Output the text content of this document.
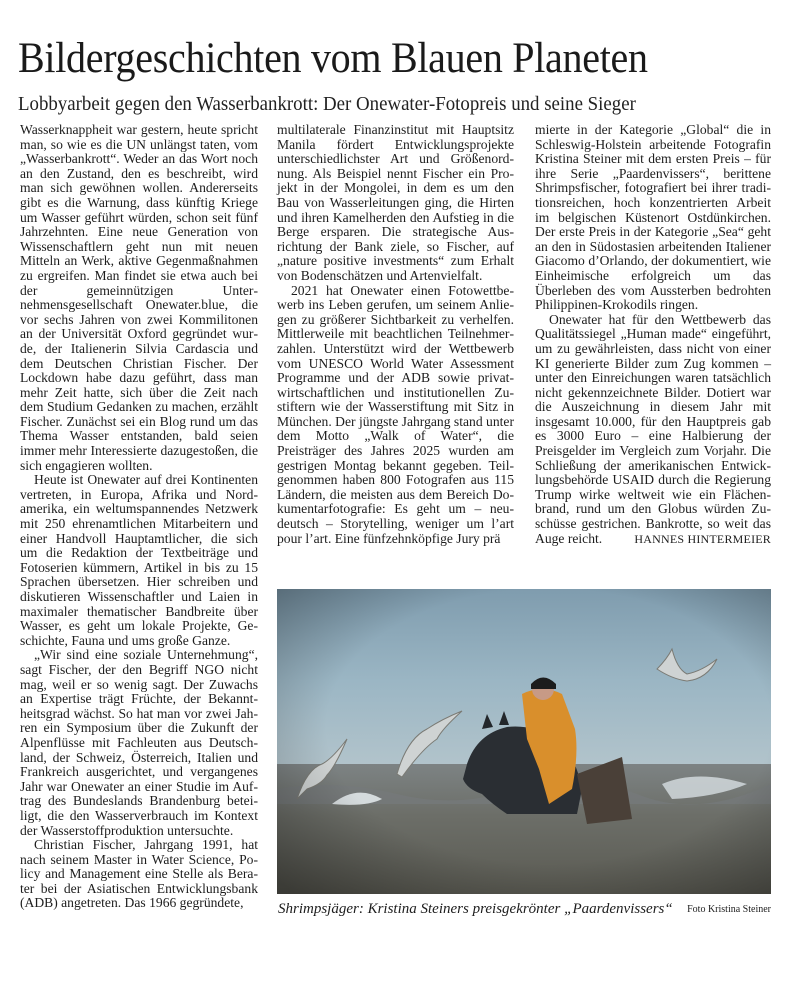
Bildergeschichten vom Blauen Planeten
Lobbyarbeit gegen den Wasserbankrott: Der Onewater-Fotopreis und seine Sieger

Wasserknappheit war gestern, heute spricht man, so wie es die UN unlängst taten, vom „Wasserbankrott“. Weder an das Wort noch an den Zustand, den es beschreibt, wird man sich gewöhnen wollen. Andererseits gibt es die Warnung, dass künftig Kriege um Wasser geführt würden, schon seit fünf Jahrzehnten. Eine neue Generation von Wissenschaftlern geht nun mit neuen Mitteln an Werk, aktive Gegenmaßnahmen zu ergreifen. Man findet sie etwa auch bei der gemeinnützigen Unternehmensgesellschaft Onewater.blue, die vor sechs Jahren von zwei Kommilitonen an der Universität Oxford gegründet wurde, der Italienerin Silvia Cardascia und dem Deutschen Christian Fischer. Der Lockdown habe dazu geführt, dass man mehr Zeit hatte, sich über die Zeit nach dem Studium Gedanken zu machen, erzählt Fischer. Zunächst sei ein Blog rund um das Thema Wasser entstanden, bald seien immer mehr Interessierte dazugestoßen, die sich engagieren wollten.

Heute ist Onewater auf drei Kontinenten vertreten, in Europa, Afrika und Nordamerika, ein weltumspannendes Netzwerk mit 250 ehrenamtlichen Mitarbeitern und einer Handvoll Hauptamtlicher, die sich um die Redaktion der Textbeiträge und Fotoserien kümmern, Artikel in bis zu 15 Sprachen übersetzen. Hier schreiben und diskutieren Wissenschaftler und Laien in maximaler thematischer Bandbreite über Wasser, es geht um lokale Projekte, Geschichte, Fauna und ums große Ganze.

„Wir sind eine soziale Unternehmung“, sagt Fischer, der den Begriff NGO nicht mag, weil er so wenig sagt. Der Zuwachs an Expertise trägt Früchte, der Bekanntheitsgrad wächst. So hat man vor zwei Jahren ein Symposium über die Zukunft der Alpenflüsse mit Fachleuten aus Deutschland, der Schweiz, Österreich, Italien und Frankreich ausgerichtet, und vergangenes Jahr war Onewater an einer Studie im Auftrag des Bundeslands Brandenburg beteiligt, die den Wasserverbrauch im Kontext der Wasserstoffproduktion untersuchte.

Christian Fischer, Jahrgang 1991, hat nach seinem Master in Water Science, Policy and Management eine Stelle als Berater bei der Asiatischen Entwicklungsbank (ADB) angetreten. Das 1966 gegründete,

multilaterale Finanzinstitut mit Hauptsitz Manila fördert Entwicklungsprojekte unterschiedlichster Art und Größenordnung. Als Beispiel nennt Fischer ein Projekt in der Mongolei, in dem es um den Bau von Wasserleitungen ging, die Hirten und ihren Kamelherden den Aufstieg in die Berge ersparen. Die strategische Ausrichtung der Bank ziele, so Fischer, auf „nature positive investments“ zum Erhalt von Bodenschätzen und Artenvielfalt.

2021 hat Onewater einen Fotowettbewerb ins Leben gerufen, um seinem Anliegen zu größerer Sichtbarkeit zu verhelfen. Mittlerweile mit beachtlichen Teilnehmerzahlen. Unterstützt wird der Wettbewerb vom UNESCO World Water Assessment Programme und der ADB sowie privatwirtschaftlichen und institutionellen Zustiftern wie der Wasserstiftung mit Sitz in München. Der jüngste Jahrgang stand unter dem Motto „Walk of Water“, die Preisträger des Jahres 2025 wurden am gestrigen Montag bekannt gegeben. Teilgenommen haben 800 Fotografen aus 115 Ländern, die meisten aus dem Bereich Dokumentarfotografie: Es geht um – neudeutsch – Storytelling, weniger um l’art pour l’art. Eine fünfzehnköpfige Jury prä

mierte in der Kategorie „Global“ die in Schleswig-Holstein arbeitende Fotografin Kristina Steiner mit dem ersten Preis – für ihre Serie „Paardenvissers“, berittene Shrimpsfischer, fotografiert bei ihrer traditionsreichen, hoch konzentrierten Arbeit im belgischen Küstenort Ostdünkirchen. Der erste Preis in der Kategorie „Sea“ geht an den in Südostasien arbeitenden Italiener Giacomo d’Orlando, der dokumentiert, wie Einheimische erfolgreich um das Überleben des vom Aussterben bedrohten Philippinen-Krokodils ringen.

Onewater hat für den Wettbewerb das Qualitätssiegel „Human made“ eingeführt, um zu gewährleisten, dass nicht von einer KI generierte Bilder zum Zug kommen – unter den Einreichungen waren tatsächlich nicht gekennzeichnete Bilder. Dotiert war die Auszeichnung in diesem Jahr mit insgesamt 10.000, für den Hauptpreis gab es 3000 Euro – eine Halbierung der Preisgelder im Vergleich zum Vorjahr. Die Schließung der amerikanischen Entwicklungsbehörde USAID durch die Regierung Trump wirke weltweit wie ein Flächenbrand, rund um den Globus würden Zuschüsse gestrichen. Bankrotte, so weit das Auge reicht.	HANNES HINTERMEIER

Shrimpsjäger: Kristina Steiners preisgekrönter „Paardenvissers“ Foto Kristina Steiner
